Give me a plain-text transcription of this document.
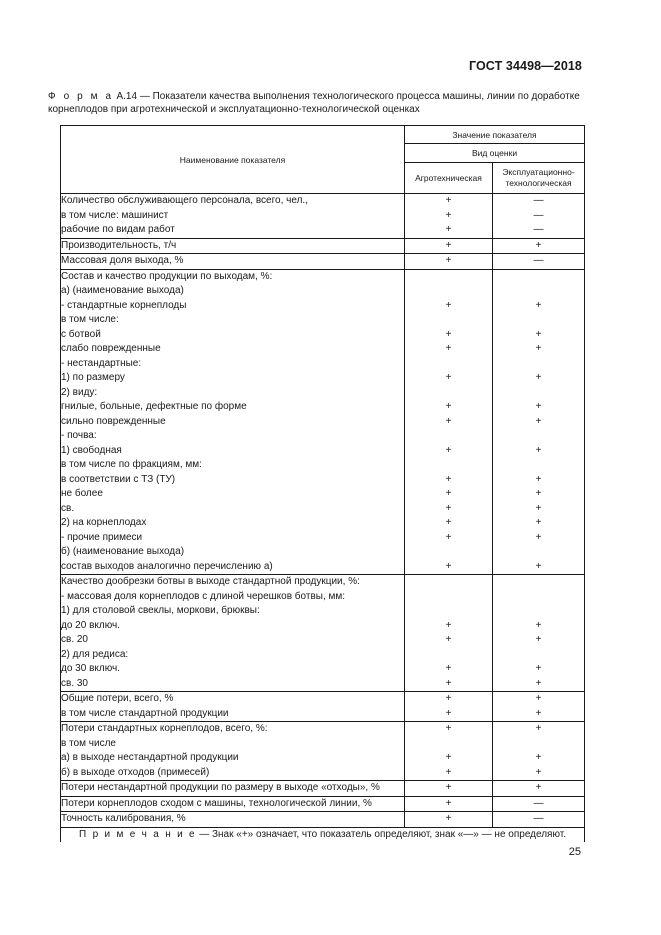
ГОСТ 34498—2018
Ф о р м а А.14 — Показатели качества выполнения технологического процесса машины, линии по доработке корнеплодов при агротехнической и эксплуатационно-технологической оценках
Наименование показателя	Значение показателя	
	Вид оценки	
	Агротехническая	Эксплуатационно-технологическая
Количество обслуживающего персонала, всего, чел.,	+	—
в том числе: машинист	+	—
рабочие по видам работ	+	—
Производительность, т/ч	+	+
Массовая доля выхода, %	+	—
Состав и качество продукции по выходам, %:		
а) (наименование выхода)		
- стандартные корнеплоды	+	+
в том числе:		
с ботвой	+	+
слабо поврежденные	+	+
- нестандартные:		
1) по размеру	+	+
2) виду:		
гнилые, больные, дефектные по форме	+	+
сильно поврежденные	+	+
- почва:		
1) свободная	+	+
в том числе по фракциям, мм:		
в соответствии с ТЗ (ТУ)	+	+
не более	+	+
св.	+	+
2) на корнеплодах	+	+
- прочие примеси	+	+
б) (наименование выхода)		
состав выходов аналогично перечислению а)	+	+
Качество дообрезки ботвы в выходе стандартной продукции, %:		
- массовая доля корнеплодов с длиной черешков ботвы, мм:		
1) для столовой свеклы, моркови, брюквы:		
до 20 включ.	+	+
св. 20	+	+
2) для редиса:		
до 30 включ.	+	+
св. 30	+	+
Общие потери, всего, %	+	+
в том числе стандартной продукции	+	+
Потери стандартных корнеплодов, всего, %:	+	+
в том числе		
а) в выходе нестандартной продукции	+	+
б) в выходе отходов (примесей)	+	+
Потери нестандартной продукции по размеру в выходе «отходы», %	+	+
Потери корнеплодов сходом с машины, технологической линии, %	+	—
Точность калибрования, %	+	—
П р и м е ч а н и е — Знак «+» означает, что показатель определяют, знак «—» — не определяют.		
25
